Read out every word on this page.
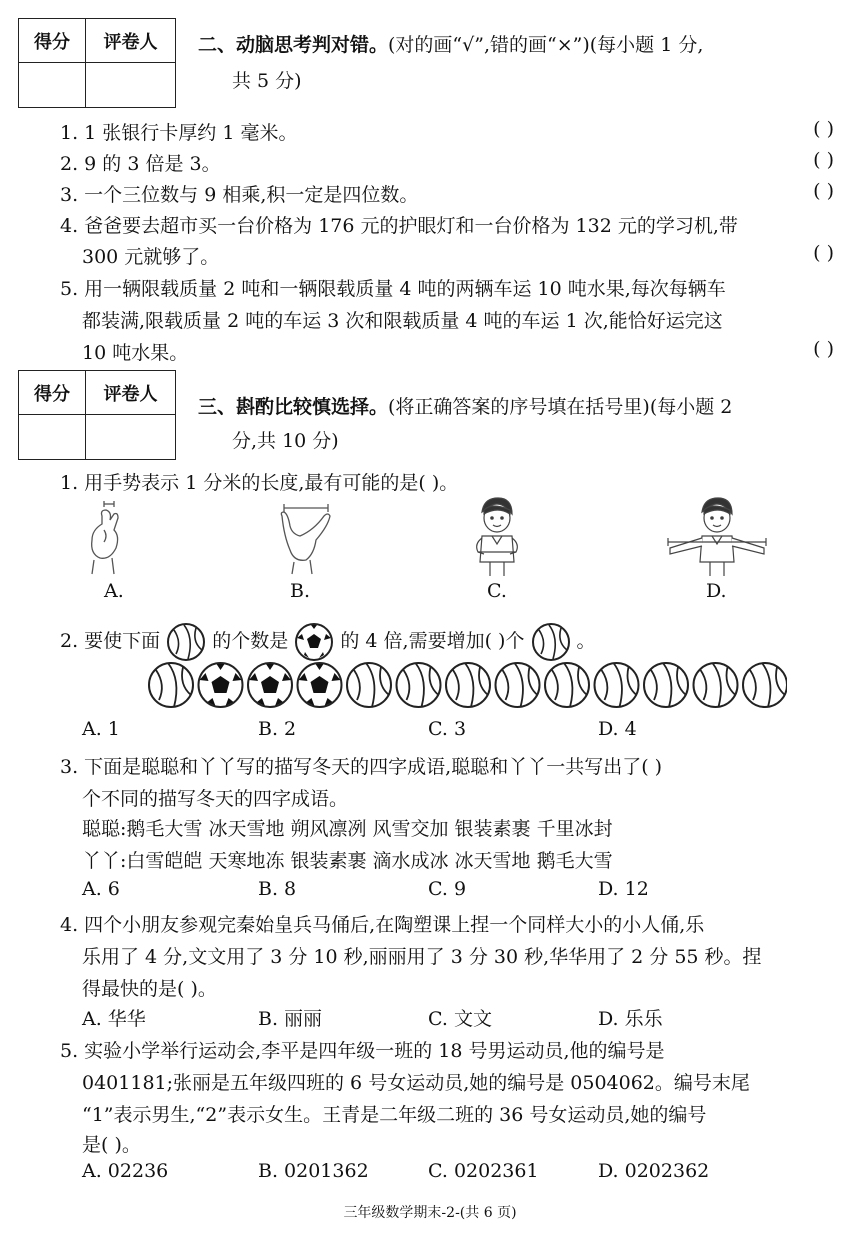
得分	评卷人
	二、动脑思考判对错。(对的画“√”,错的画“×”)(每小题 1 分,
共 5 分)
1. 1 张银行卡厚约 1 毫米。	( )
2. 9 的 3 倍是 3。	( )
3. 一个三位数与 9 相乘,积一定是四位数。	( )
4. 爸爸要去超市买一台价格为 176 元的护眼灯和一台价格为 132 元的学习机,带
300 元就够了。	( )
5. 用一辆限载质量 2 吨和一辆限载质量 4 吨的两辆车运 10 吨水果,每次每辆车
都装满,限载质量 2 吨的车运 3 次和限载质量 4 吨的车运 1 次,能恰好运完这
10 吨水果。	( )
得分	评卷人

三、斟酌比较慎选择。(将正确答案的序号填在括号里)(每小题 2
分,共 10 分)
1. 用手势表示 1 分米的长度,最有可能的是( )。
A.	B.	C.	D.
2. 要使下面	的个数是	的 4 倍,需要增加( )个	。
A. 1	B. 2	C. 3	D. 4
3. 下面是聪聪和丫丫写的描写冬天的四字成语,聪聪和丫丫一共写出了( )
个不同的描写冬天的四字成语。
聪聪:鹅毛大雪 冰天雪地 朔风凛冽 风雪交加 银装素裹 千里冰封
丫丫:白雪皑皑 天寒地冻 银装素裹 滴水成冰 冰天雪地 鹅毛大雪
A. 6	B. 8	C. 9	D. 12
4. 四个小朋友参观完秦始皇兵马俑后,在陶塑课上捏一个同样大小的小人俑,乐
乐用了 4 分,文文用了 3 分 10 秒,丽丽用了 3 分 30 秒,华华用了 2 分 55 秒。捏
得最快的是( )。
A. 华华	B. 丽丽	C. 文文	D. 乐乐
5. 实验小学举行运动会,李平是四年级一班的 18 号男运动员,他的编号是
0401181;张丽是五年级四班的 6 号女运动员,她的编号是 0504062。编号末尾
“1”表示男生,“2”表示女生。王青是二年级二班的 36 号女运动员,她的编号
是( )。
A. 02236	B. 0201362	C. 0202361	D. 0202362
三年级数学期末-2-(共 6 页)
